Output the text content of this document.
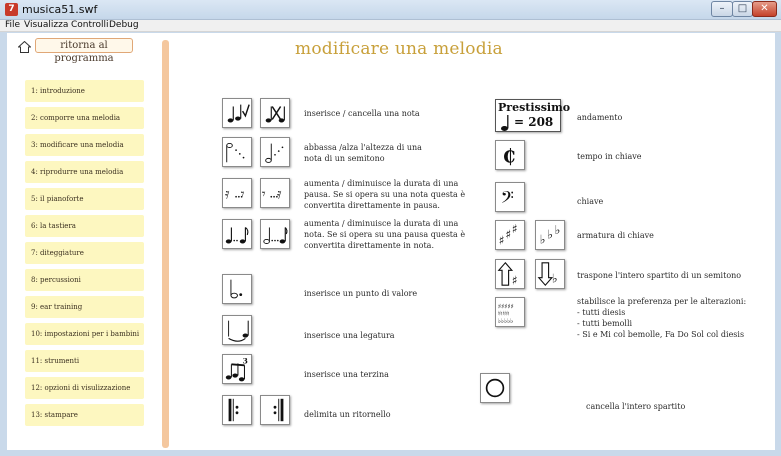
7 musica51.swf	–	□	✕
File Visualizza Controlli Debug
ritorna al programma
1: introduzione
2: comporre una melodia
3: modificare una melodia
4: riprodurre una melodia
5: il pianoforte
6: la tastiera
7: diteggiature
8: percussioni
9: ear training
10: impostazioni per i bambini
11: strumenti
12: opzioni di visulizzazione
13: stampare
modificare una melodia
inserisce / cancella una nota
abbassa /alza l'altezza di una
nota di un semitono
𝄿 𝄾 𝄾 𝄿
aumenta / diminuisce la durata di una
pausa. Se si opera su una nota questa è
convertita direttamente in pausa.
aumenta / diminuisce la durata di una
nota. Se si opera su una pausa questa è
convertita direttamente in nota.
inserisce un punto di valore
inserisce una legatura
3
inserisce una terzina
delimita un ritornello
Prestissimo
= 208	andamento
₵	tempo in chiave
𝄢	chiave
♯ ♯ ♯
♭ ♭ ♭ armatura di chiave
♯	♭ traspone l'intero spartito di un semitono
♯♯♯♯♯
♮♮♮♮♮
♭♭♭♭♭
stabilisce la preferenza per le alterazioni:
- tutti diesis
- tutti bemolli
- Si e Mi col bemolle, Fa Do Sol col diesis
cancella l'intero spartito
